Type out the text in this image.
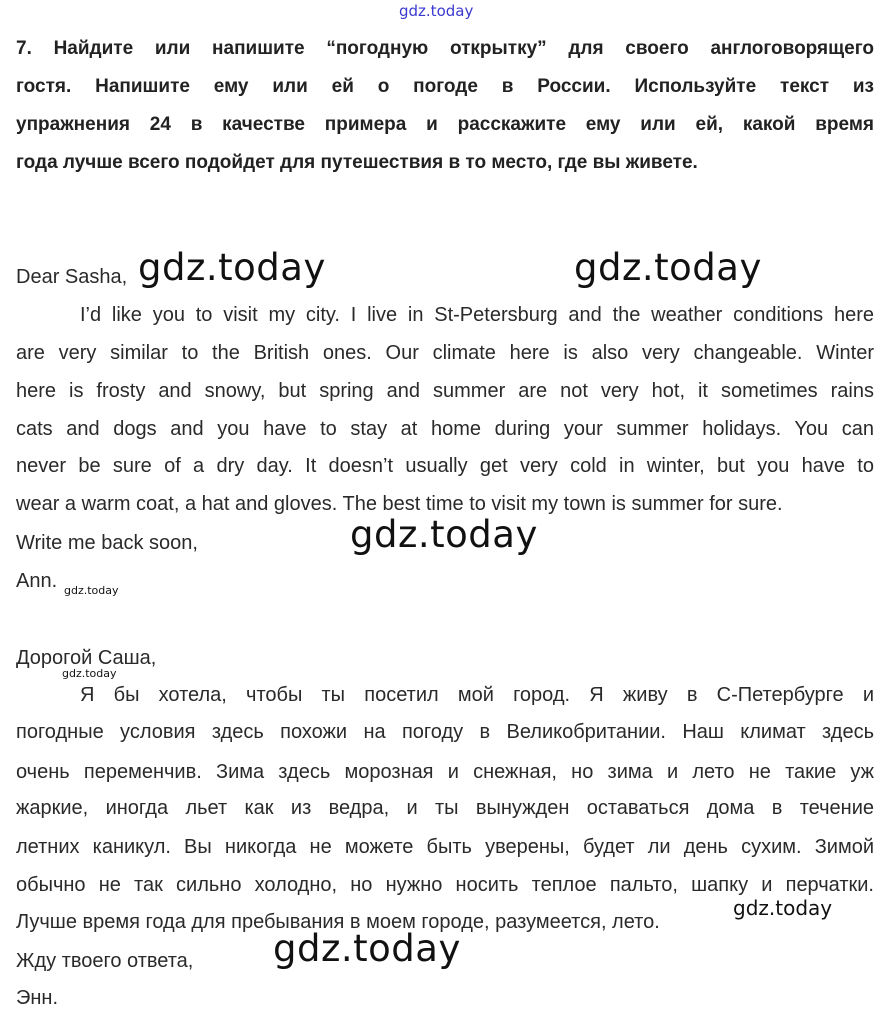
7. Найдите или напишите “погодную открытку” для своего англоговорящего
гостя. Напишите ему или ей о погоде в России. Используйте текст из
упражнения 24 в качестве примера и расскажите ему или ей, какой время
года лучше всего подойдет для путешествия в то место, где вы живете.
Dear Sasha,
I’d like you to visit my city. I live in St-Petersburg and the weather conditions here
are very similar to the British ones. Our climate here is also very changeable. Winter
here is frosty and snowy, but spring and summer are not very hot, it sometimes rains
cats and dogs and you have to stay at home during your summer holidays. You can
never be sure of a dry day. It doesn’t usually get very cold in winter, but you have to
wear a warm coat, a hat and gloves. The best time to visit my town is summer for sure.
Write me back soon,
Ann.
Дорогой Саша,
Я бы хотела, чтобы ты посетил мой город. Я живу в С-Петербурге и
погодные условия здесь похожи на погоду в Великобритании. Наш климат здесь
очень переменчив. Зима здесь морозная и снежная, но зима и лето не такие уж
жаркие, иногда льет как из ведра, и ты вынужден оставаться дома в течение
летних каникул. Вы никогда не можете быть уверены, будет ли день сухим. Зимой
обычно не так сильно холодно, но нужно носить теплое пальто, шапку и перчатки.
Лучше время года для пребывания в моем городе, разумеется, лето.
Жду твоего ответа,
Энн.
gdz.today
gdz.today	gdz.today
gdz.today
gdz.today
gdz.today
gdz.today
gdz.today
